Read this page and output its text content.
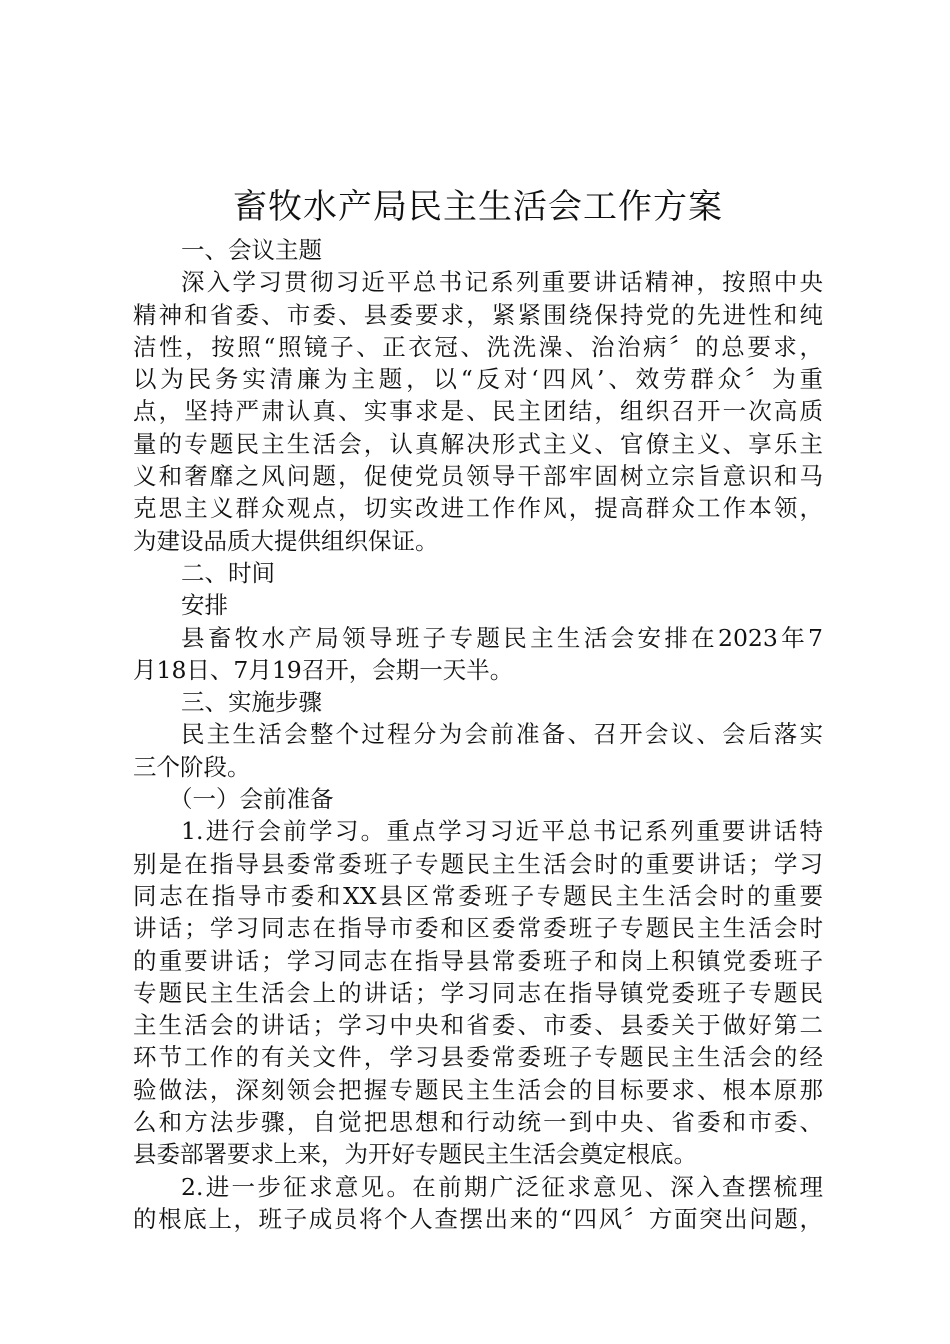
畜牧水产局民主生活会工作方案

一、会议主题

深入学习贯彻习近平总书记系列重要讲话精神，按照中央

精神和省委、市委、县委要求，紧紧围绕保持党的先进性和纯

洁性，按照“照镜子、正衣冠、洗洗澡、治治病〞的总要求，

以为民务实清廉为主题，以“反对‘四风’、效劳群众〞为重

点，坚持严肃认真、实事求是、民主团结，组织召开一次高质

量的专题民主生活会，认真解决形式主义、官僚主义、享乐主

义和奢靡之风问题，促使党员领导干部牢固树立宗旨意识和马

克思主义群众观点，切实改进工作作风，提高群众工作本领，

为建设品质大提供组织保证。

二、时间

安排

县畜牧水产局领导班子专题民主生活会安排在2023年7

月18日、7月19召开，会期一天半。

三、实施步骤

民主生活会整个过程分为会前准备、召开会议、会后落实

三个阶段。

（一）会前准备

1.进行会前学习。重点学习习近平总书记系列重要讲话特

别是在指导县委常委班子专题民主生活会时的重要讲话；学习

同志在指导市委和XX县区常委班子专题民主生活会时的重要

讲话；学习同志在指导市委和区委常委班子专题民主生活会时

的重要讲话；学习同志在指导县常委班子和岗上积镇党委班子

专题民主生活会上的讲话；学习同志在指导镇党委班子专题民

主生活会的讲话；学习中央和省委、市委、县委关于做好第二

环节工作的有关文件，学习县委常委班子专题民主生活会的经

验做法，深刻领会把握专题民主生活会的目标要求、根本原那

么和方法步骤，自觉把思想和行动统一到中央、省委和市委、

县委部署要求上来，为开好专题民主生活会奠定根底。

2.进一步征求意见。在前期广泛征求意见、深入查摆梳理

的根底上，班子成员将个人查摆出来的“四风〞方面突出问题，
